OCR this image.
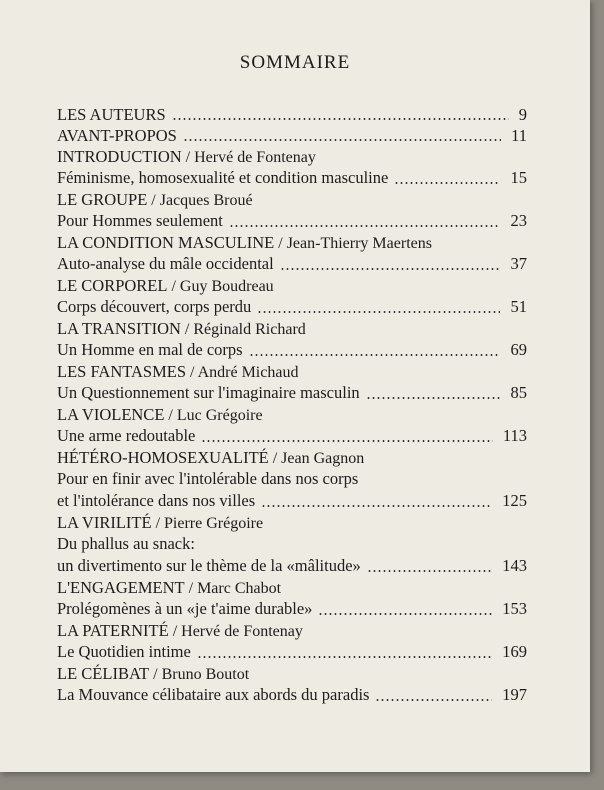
SOMMAIRE
LES AUTEURS	9
AVANT-PROPOS	11
INTRODUCTION / Hervé de Fontenay
Féminisme, homosexualité et condition masculine	15
LE GROUPE / Jacques Broué
Pour Hommes seulement	23
LA CONDITION MASCULINE / Jean-Thierry Maertens
Auto-analyse du mâle occidental	37
LE CORPOREL / Guy Boudreau
Corps découvert, corps perdu	51
LA TRANSITION / Réginald Richard
Un Homme en mal de corps	69
LES FANTASMES / André Michaud
Un Questionnement sur l'imaginaire masculin	85
LA VIOLENCE / Luc Grégoire
Une arme redoutable	113
HÉTÉRO-HOMOSEXUALITÉ / Jean Gagnon
Pour en finir avec l'intolérable dans nos corps
et l'intolérance dans nos villes	125
LA VIRILITÉ / Pierre Grégoire
Du phallus au snack:
un divertimento sur le thème de la «mâlitude»	143
L'ENGAGEMENT / Marc Chabot
Prolégomènes à un «je t'aime durable»	153
LA PATERNITÉ / Hervé de Fontenay
Le Quotidien intime	169
LE CÉLIBAT / Bruno Boutot
La Mouvance célibataire aux abords du paradis	197
